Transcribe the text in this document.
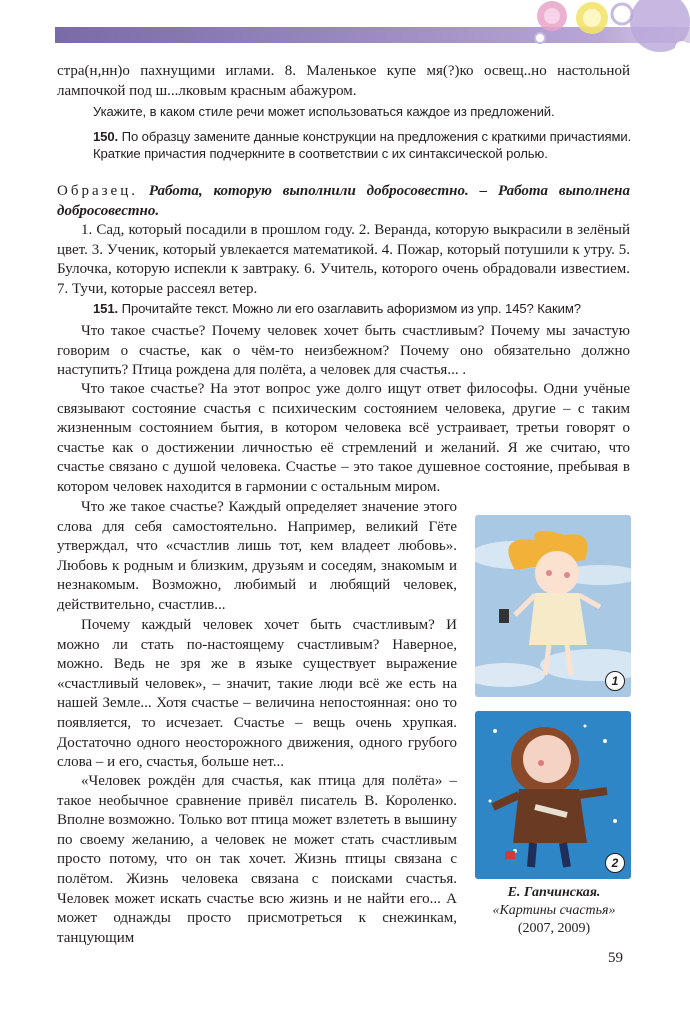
стра(н,нн)о пахнущими иглами. 8. Маленькое купе мя(?)ко освещ..но настольной лампочкой под ш...лковым красным абажуром.

Укажите, в каком стиле речи может использоваться каждое из предложений.

150. По образцу замените данные конструкции на предложения с краткими причастиями. Краткие причастия подчеркните в соответствии с их синтаксической ролью.

Образец. Работа, которую выполнили добросовестно. – Работа выполнена добросовестно.

1. Сад, который посадили в прошлом году. 2. Веранда, которую выкрасили в зелёный цвет. 3. Ученик, который увлекается математикой. 4. Пожар, который потушили к утру. 5. Булочка, которую испекли к завтраку. 6. Учитель, которого очень обрадовали известием. 7. Тучи, которые рассеял ветер.

151. Прочитайте текст. Можно ли его озаглавить афоризмом из упр. 145? Каким?

Что такое счастье? Почему человек хочет быть счастливым? Почему мы зачастую говорим о счастье, как о чём-то неизбежном? Почему оно обязательно должно наступить? Птица рождена для полёта, а человек для счастья... .

Что такое счастье? На этот вопрос уже долго ищут ответ философы. Одни учёные связывают состояние счастья с психическим состоянием человека, другие – с таким жизненным состоянием бытия, в котором человека всё устраивает, третьи говорят о счастье как о достижении личностью её стремлений и желаний. Я же считаю, что счастье связано с душой человека. Счастье – это такое душевное состояние, пребывая в котором человек находится в гармонии с остальным миром.

Что же такое счастье? Каждый определяет значение этого слова для себя самостоятельно. Например, великий Гёте утверждал, что «счастлив лишь тот, кем владеет любовь». Любовь к родным и близким, друзьям и соседям, знакомым и незнакомым. Возможно, любимый и любящий человек, действительно, счастлив...

Почему каждый человек хочет быть счастливым? И можно ли стать по-настоящему счастливым? Наверное, можно. Ведь не зря же в языке существует выражение «счастливый человек», – значит, такие люди всё же есть на нашей Земле... Хотя счастье – величина непостоянная: оно то появляется, то исчезает. Счастье – вещь очень хрупкая. Достаточно одного неосторожного движения, одного грубого слова – и его, счастья, больше нет...

«Человек рождён для счастья, как птица для полёта» – такое необычное сравнение привёл писатель В. Короленко. Вполне возможно. Только вот птица может взлететь в вышину по своему желанию, а человек не может стать счастливым просто потому, что он так хочет. Жизнь птицы связана с полётом. Жизнь человека связана с поисками счастья. Человек может искать счастье всю жизнь и не найти его... А может однажды просто присмотреться к снежинкам, танцующим

1
2
Е. Гапчинская.
«Картины счастья»
(2007, 2009)
59
